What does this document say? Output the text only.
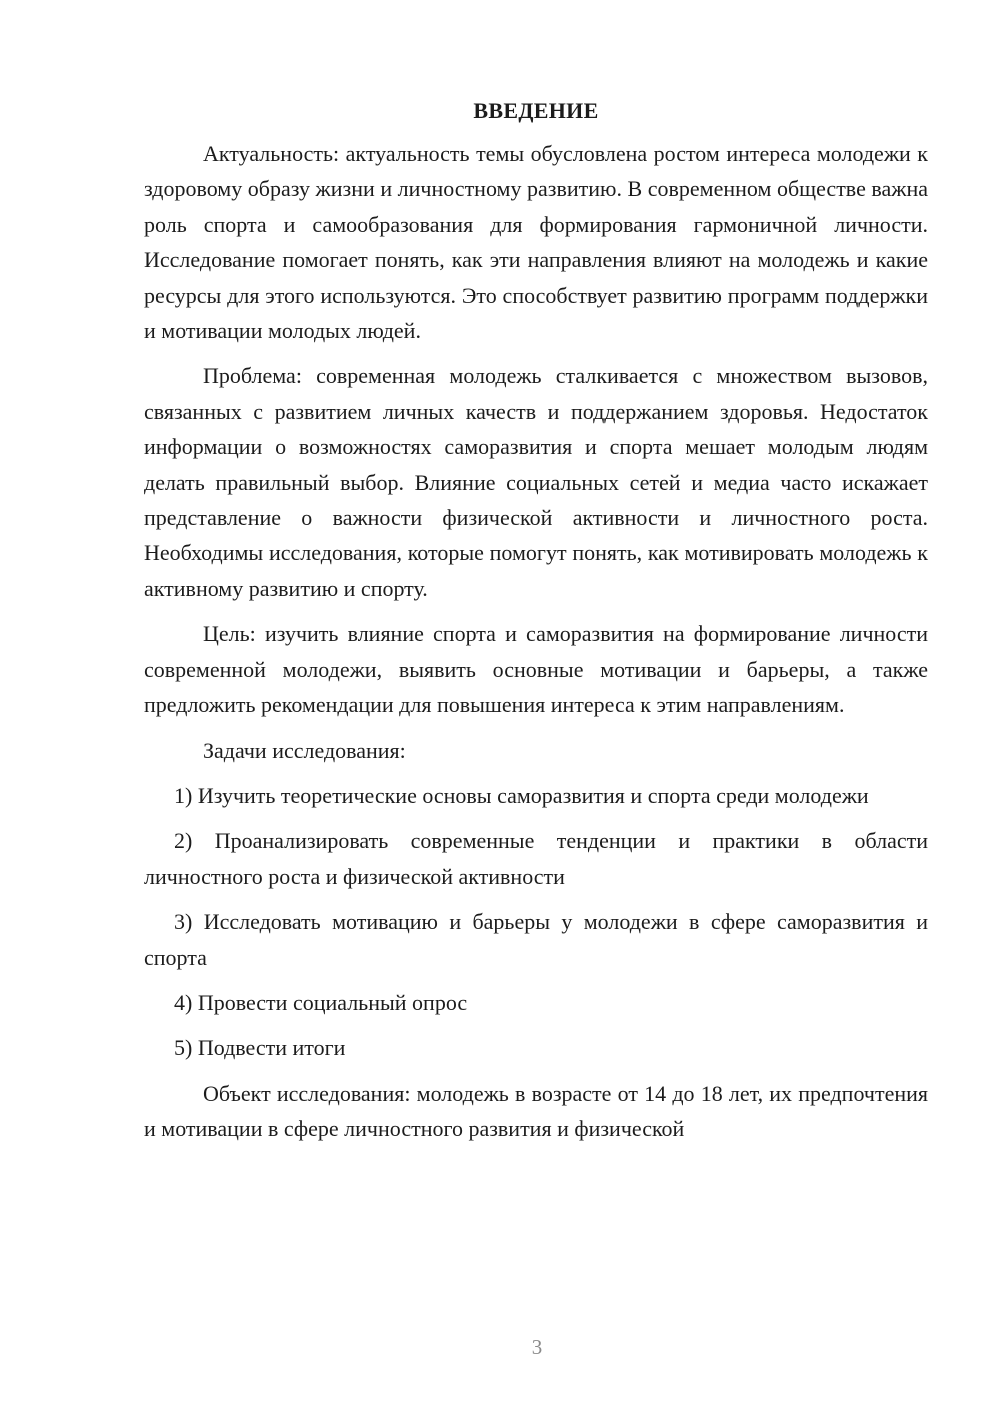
ВВЕДЕНИЕ

Актуальность: актуальность темы обусловлена ростом интереса молодежи к здоровому образу жизни и личностному развитию. В современном обществе важна роль спорта и самообразования для формирования гармоничной личности. Исследование помогает понять, как эти направления влияют на молодежь и какие ресурсы для этого используются. Это способствует развитию программ поддержки и мотивации молодых людей.

Проблема: современная молодежь сталкивается с множеством вызовов, связанных с развитием личных качеств и поддержанием здоровья. Недостаток информации о возможностях саморазвития и спорта мешает молодым людям делать правильный выбор. Влияние социальных сетей и медиа часто искажает представление о важности физической активности и личностного роста. Необходимы исследования, которые помогут понять, как мотивировать молодежь к активному развитию и спорту.

Цель: изучить влияние спорта и саморазвития на формирование личности современной молодежи, выявить основные мотивации и барьеры, а также предложить рекомендации для повышения интереса к этим направлениям.

Задачи исследования:

1) Изучить теоретические основы саморазвития и спорта среди молодежи

2) Проанализировать современные тенденции и практики в области личностного роста и физической активности

3) Исследовать мотивацию и барьеры у молодежи в сфере саморазвития и спорта

4) Провести социальный опрос

5) Подвести итоги

Объект исследования: молодежь в возрасте от 14 до 18 лет, их предпочтения и мотивации в сфере личностного развития и физической

3
